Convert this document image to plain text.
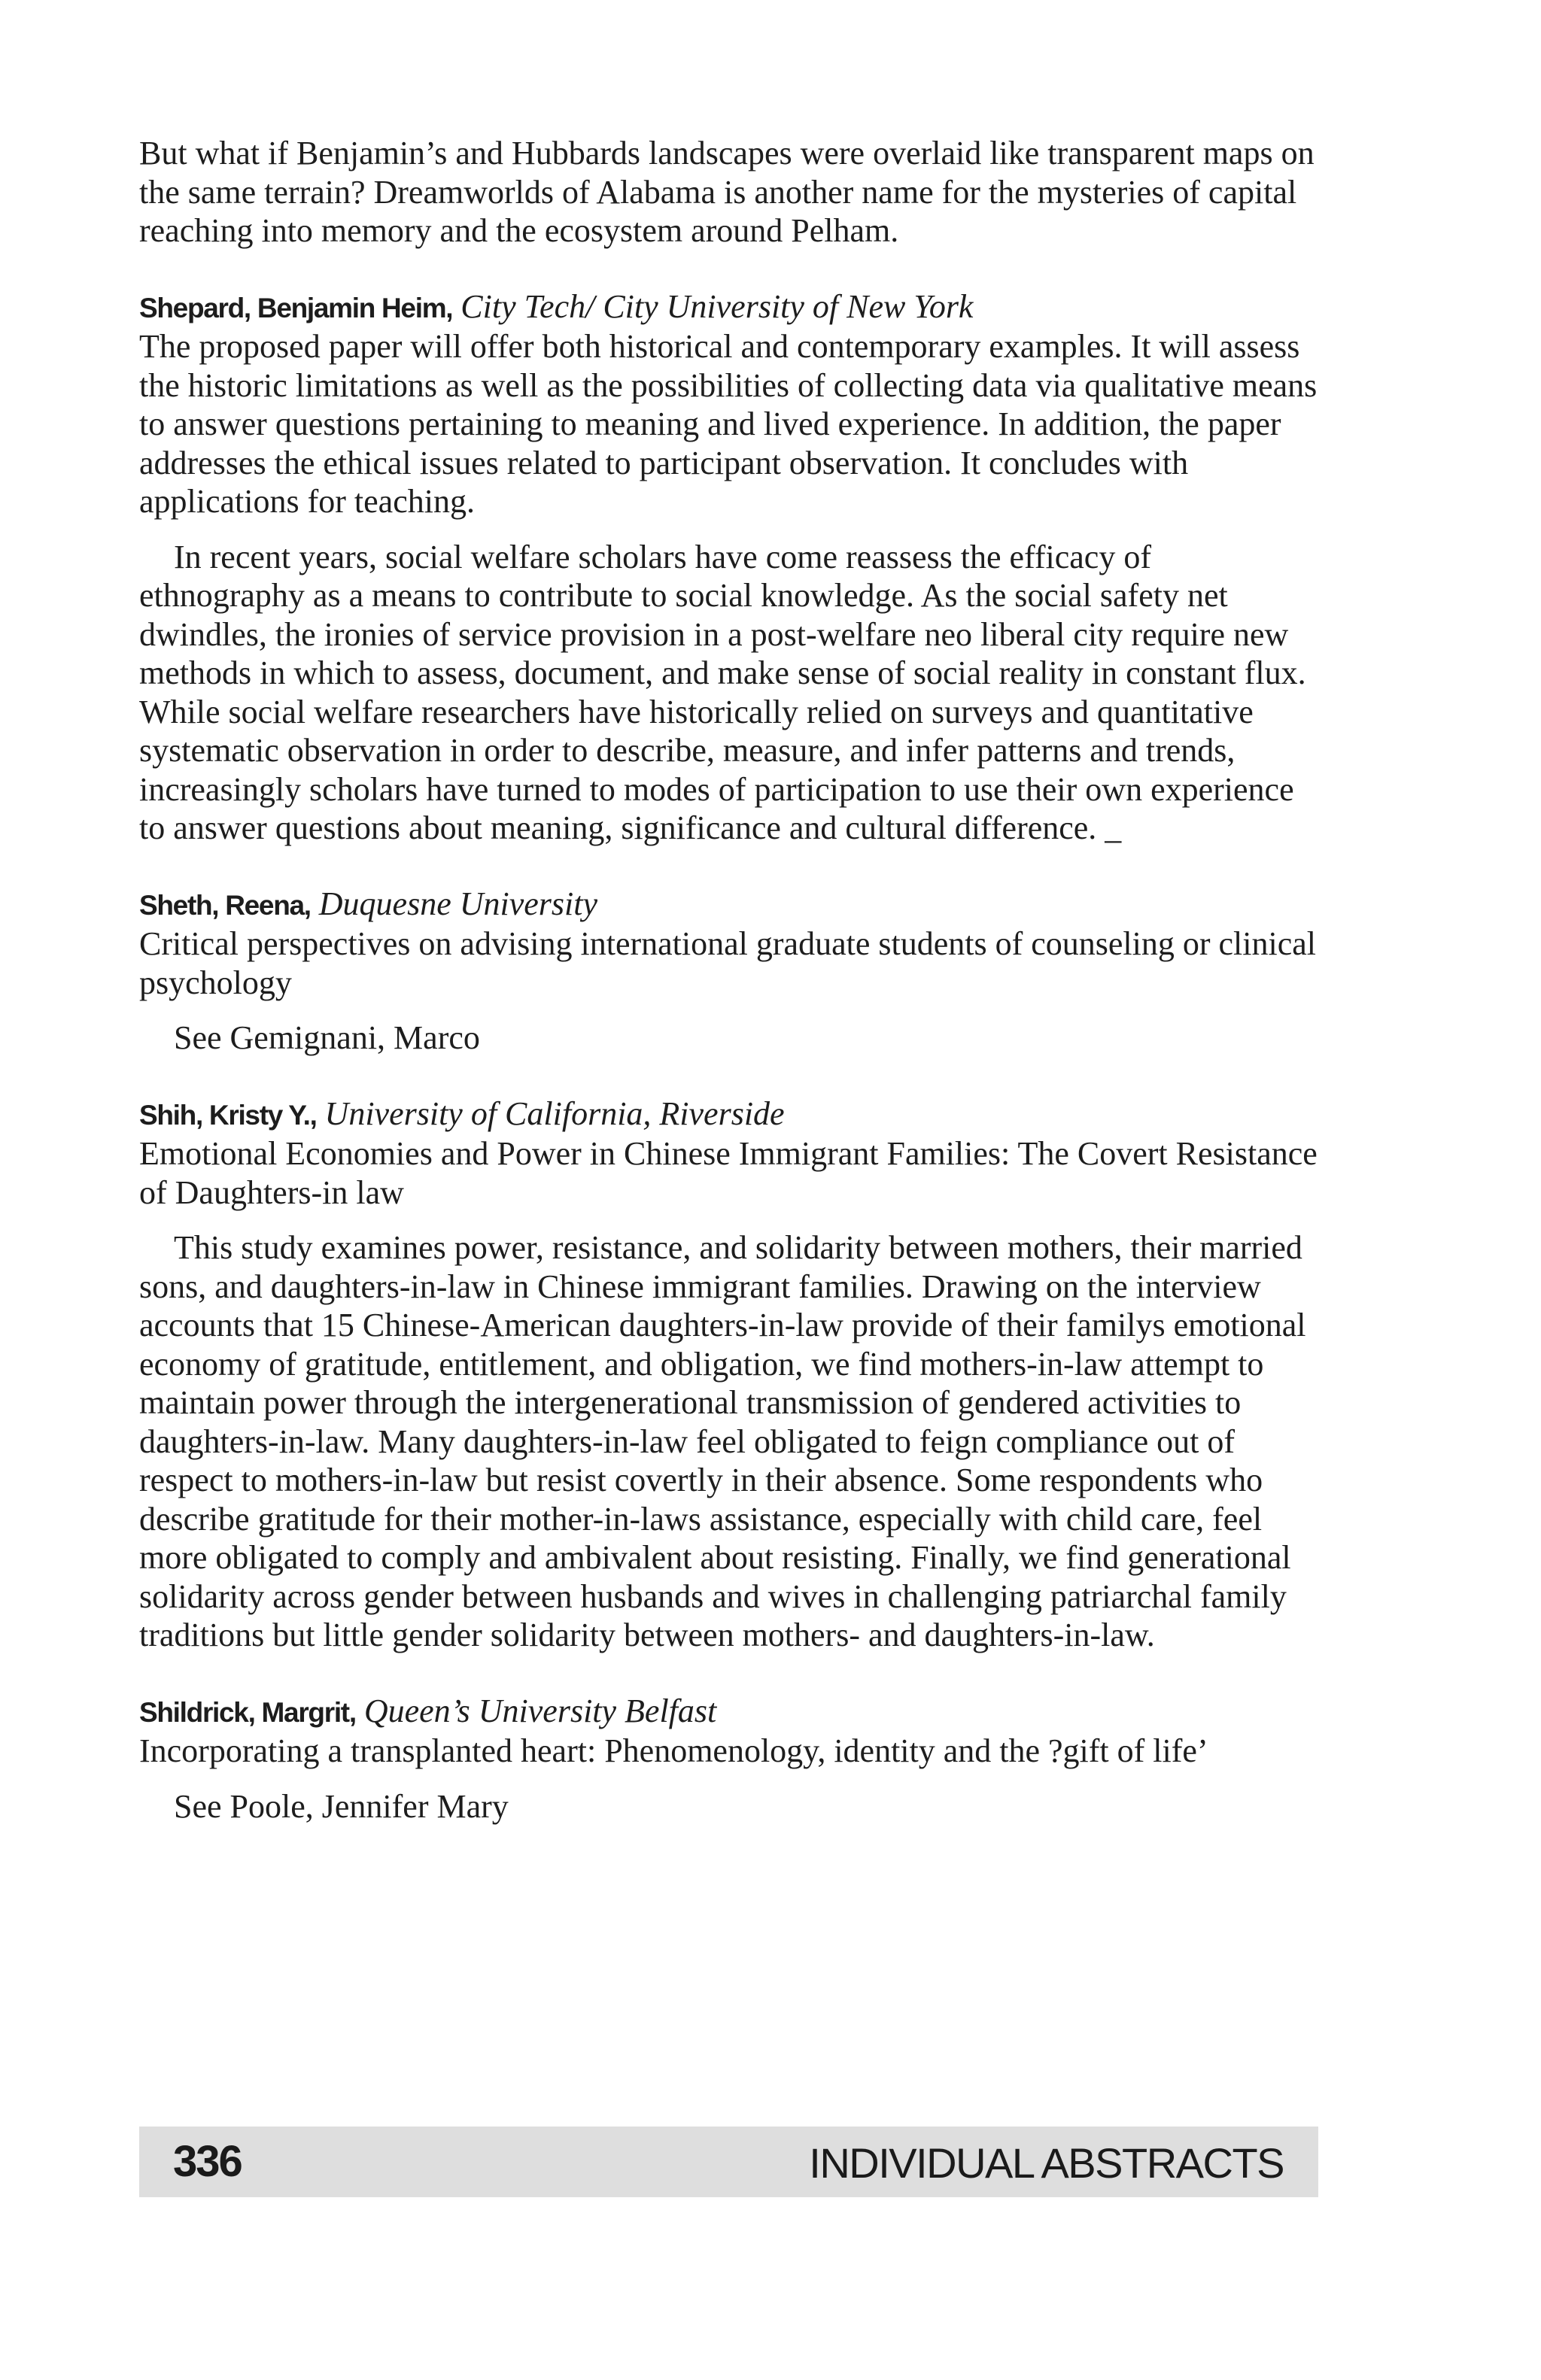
But what if Benjamin’s and Hubbards landscapes were overlaid like transparent maps on the same terrain? Dreamworlds of Alabama is another name for the mysteries of capital reaching into memory and the ecosystem around Pelham.

Shepard, Benjamin Heim, City Tech/ City University of New York

The proposed paper will offer both historical and contemporary examples. It will assess the historic limitations as well as the possibilities of collecting data via qualitative means to answer questions pertaining to meaning and lived experience. In addition, the paper addresses the ethical issues related to participant observation. It concludes with applications for teaching.

In recent years, social welfare scholars have come reassess the efficacy of ethnography as a means to contribute to social knowledge. As the social safety net dwindles, the ironies of service provision in a post-welfare neo liberal city require new methods in which to assess, document, and make sense of social reality in constant flux. While social welfare researchers have historically relied on surveys and quantitative systematic observation in order to describe, measure, and infer patterns and trends, increasingly scholars have turned to modes of participation to use their own experience to answer questions about meaning, significance and cultural difference. _

Sheth, Reena, Duquesne University

Critical perspectives on advising international graduate students of counseling or clinical psychology

See Gemignani, Marco

Shih, Kristy Y., University of California, Riverside

Emotional Economies and Power in Chinese Immigrant Families: The Covert Resistance of Daughters-in law

This study examines power, resistance, and solidarity between mothers, their married sons, and daughters-in-law in Chinese immigrant families. Drawing on the interview accounts that 15 Chinese-American daughters-in-law provide of their familys emotional economy of gratitude, entitlement, and obligation, we find mothers-in-law attempt to maintain power through the intergenerational transmission of gendered activities to daughters-in-law. Many daughters-in-law feel obligated to feign compliance out of respect to mothers-in-law but resist covertly in their absence. Some respondents who describe gratitude for their mother-in-laws assistance, especially with child care, feel more obligated to comply and ambivalent about resisting. Finally, we find generational solidarity across gender between husbands and wives in challenging patriarchal family traditions but little gender solidarity between mothers- and daughters-in-law.

Shildrick, Margrit, Queen’s University Belfast

Incorporating a transplanted heart: Phenomenology, identity and the ?gift of life’

See Poole, Jennifer Mary

336	INDIVIDUAL ABSTRACTS
